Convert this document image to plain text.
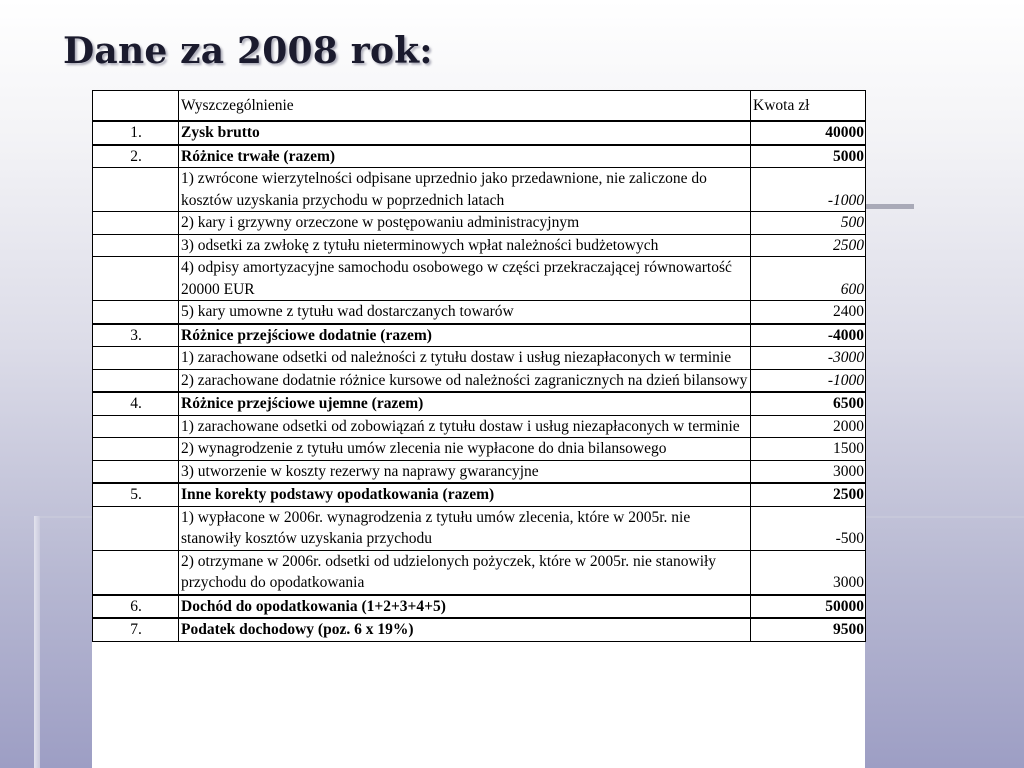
Dane za 2008 rok:
	Wyszczególnienie	Kwota zł
1.	Zysk brutto	40000
2.	Różnice trwałe (razem)	5000
	1) zwrócone wierzytelności odpisane uprzednio jako przedawnione, nie zaliczone do kosztów uzyskania przychodu w poprzednich latach	-1000
	2) kary i grzywny orzeczone w postępowaniu administracyjnym	500
	3) odsetki za zwłokę z tytułu nieterminowych wpłat należności budżetowych	2500
	4) odpisy amortyzacyjne samochodu osobowego w części przekraczającej równowartość 20000 EUR	600
	5) kary umowne z tytułu wad dostarczanych towarów	2400
3.	Różnice przejściowe dodatnie (razem)	-4000
	1) zarachowane odsetki od należności z tytułu dostaw i usług niezapłaconych w terminie	-3000
	2) zarachowane dodatnie różnice kursowe od należności zagranicznych na dzień bilansowy	-1000
4.	Różnice przejściowe ujemne (razem)	6500
	1) zarachowane odsetki od zobowiązań z tytułu dostaw i usług niezapłaconych w terminie	2000
	2) wynagrodzenie z tytułu umów zlecenia nie wypłacone do dnia bilansowego	1500
	3) utworzenie w koszty rezerwy na naprawy gwarancyjne	3000
5.	Inne korekty podstawy opodatkowania (razem)	2500
	1) wypłacone w 2006r. wynagrodzenia z tytułu umów zlecenia, które w 2005r. nie stanowiły kosztów uzyskania przychodu	-500
	2) otrzymane w 2006r. odsetki od udzielonych pożyczek, które w 2005r. nie stanowiły przychodu do opodatkowania	3000
6.	Dochód do opodatkowania (1+2+3+4+5)	50000
7.	Podatek dochodowy (poz. 6 x 19%)	9500
